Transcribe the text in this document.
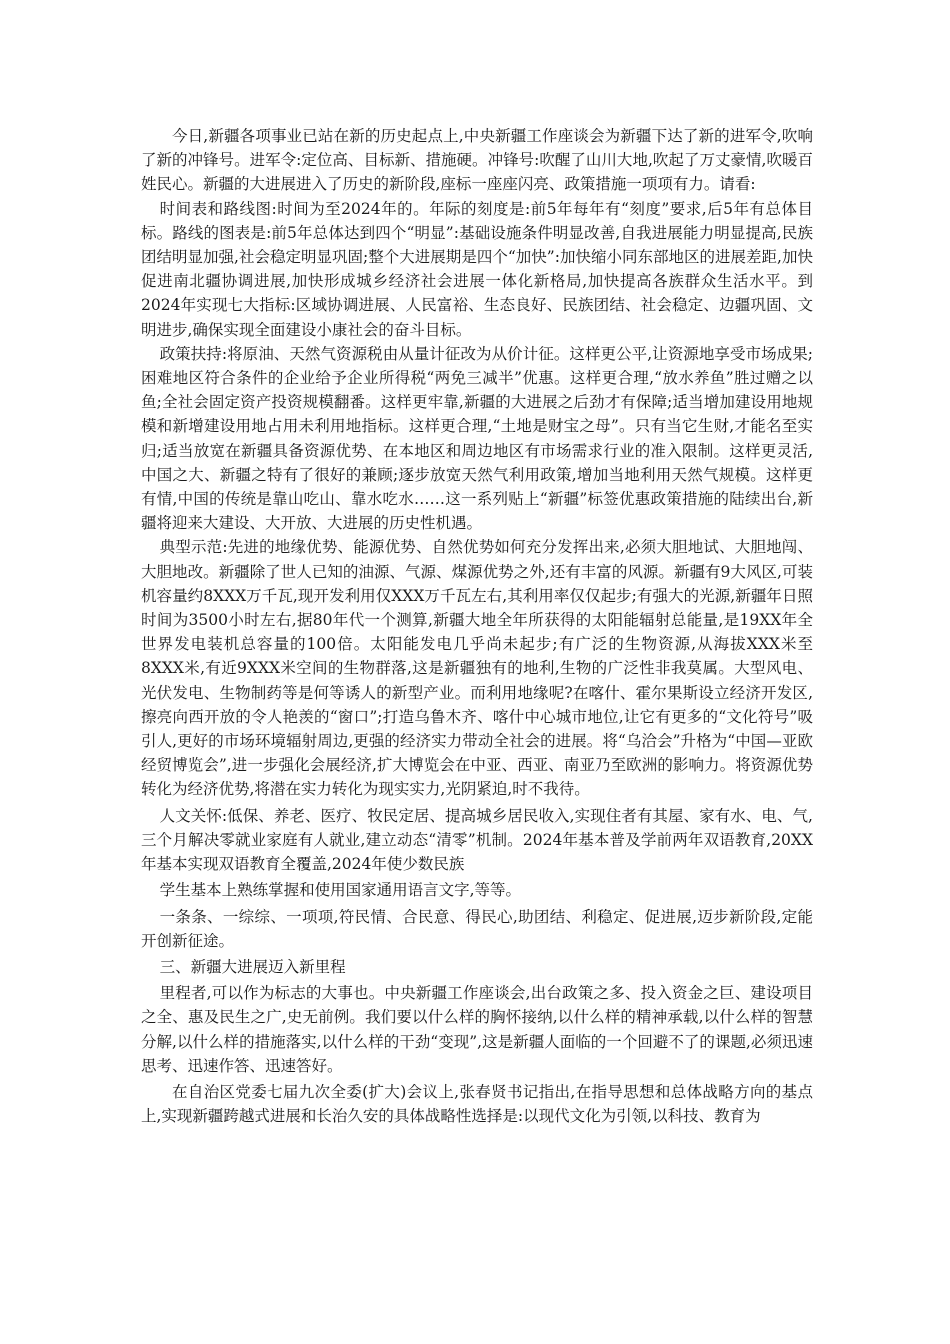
今日,新疆各项事业已站在新的历史起点上,中央新疆工作座谈会为新疆下达了新的进军令,吹响了新的冲锋号。进军令:定位高、目标新、措施硬。冲锋号:吹醒了山川大地,吹起了万丈豪情,吹暖百姓民心。新疆的大进展进入了历史的新阶段,座标一座座闪亮、政策措施一项项有力。请看:

时间表和路线图:时间为至2024年的。年际的刻度是:前5年每年有“刻度”要求,后5年有总体目标。路线的图表是:前5年总体达到四个“明显”:基础设施条件明显改善,自我进展能力明显提高,民族团结明显加强,社会稳定明显巩固;整个大进展期是四个“加快”:加快缩小同东部地区的进展差距,加快促进南北疆协调进展,加快形成城乡经济社会进展一体化新格局,加快提高各族群众生活水平。到2024年实现七大指标:区域协调进展、人民富裕、生态良好、民族团结、社会稳定、边疆巩固、文明进步,确保实现全面建设小康社会的奋斗目标。

政策扶持:将原油、天然气资源税由从量计征改为从价计征。这样更公平,让资源地享受市场成果;困难地区符合条件的企业给予企业所得税“两免三减半”优惠。这样更合理,“放水养鱼”胜过赠之以鱼;全社会固定资产投资规模翻番。这样更牢靠,新疆的大进展之后劲才有保障;适当增加建设用地规模和新增建设用地占用未利用地指标。这样更合理,“土地是财宝之母”。只有当它生财,才能名至实归;适当放宽在新疆具备资源优势、在本地区和周边地区有市场需求行业的准入限制。这样更灵活,中国之大、新疆之特有了很好的兼顾;逐步放宽天然气利用政策,增加当地利用天然气规模。这样更有情,中国的传统是靠山吃山、靠水吃水……这一系列贴上“新疆”标签优惠政策措施的陆续出台,新疆将迎来大建设、大开放、大进展的历史性机遇。

典型示范:先进的地缘优势、能源优势、自然优势如何充分发挥出来,必须大胆地试、大胆地闯、大胆地改。新疆除了世人已知的油源、气源、煤源优势之外,还有丰富的风源。新疆有9大风区,可装机容量约8XXX万千瓦,现开发利用仅XXX万千瓦左右,其利用率仅仅起步;有强大的光源,新疆年日照时间为3500小时左右,据80年代一个测算,新疆大地全年所获得的太阳能辐射总能量,是19XX年全世界发电装机总容量的100倍。太阳能发电几乎尚未起步;有广泛的生物资源,从海拔XXX米至8XXX米,有近9XXX米空间的生物群落,这是新疆独有的地利,生物的广泛性非我莫属。大型风电、光伏发电、生物制药等是何等诱人的新型产业。而利用地缘呢?在喀什、霍尔果斯设立经济开发区,擦亮向西开放的令人艳羡的“窗口”;打造乌鲁木齐、喀什中心城市地位,让它有更多的“文化符号”吸引人,更好的市场环境辐射周边,更强的经济实力带动全社会的进展。将“乌洽会”升格为“中国—亚欧经贸博览会”,进一步强化会展经济,扩大博览会在中亚、西亚、南亚乃至欧洲的影响力。将资源优势转化为经济优势,将潜在实力转化为现实实力,光阴紧迫,时不我待。

人文关怀:低保、养老、医疗、牧民定居、提高城乡居民收入,实现住者有其屋、家有水、电、气,三个月解决零就业家庭有人就业,建立动态“清零”机制。2024年基本普及学前两年双语教育,20XX年基本实现双语教育全覆盖,2024年使少数民族

学生基本上熟练掌握和使用国家通用语言文字,等等。

一条条、一综综、一项项,符民情、合民意、得民心,助团结、利稳定、促进展,迈步新阶段,定能开创新征途。

三、新疆大进展迈入新里程

里程者,可以作为标志的大事也。中央新疆工作座谈会,出台政策之多、投入资金之巨、建设项目之全、惠及民生之广,史无前例。我们要以什么样的胸怀接纳,以什么样的精神承载,以什么样的智慧分解,以什么样的措施落实,以什么样的干劲“变现”,这是新疆人面临的一个回避不了的课题,必须迅速思考、迅速作答、迅速答好。

在自治区党委七届九次全委(扩大)会议上,张春贤书记指出,在指导思想和总体战略方向的基点上,实现新疆跨越式进展和长治久安的具体战略性选择是:以现代文化为引领,以科技、教育为
